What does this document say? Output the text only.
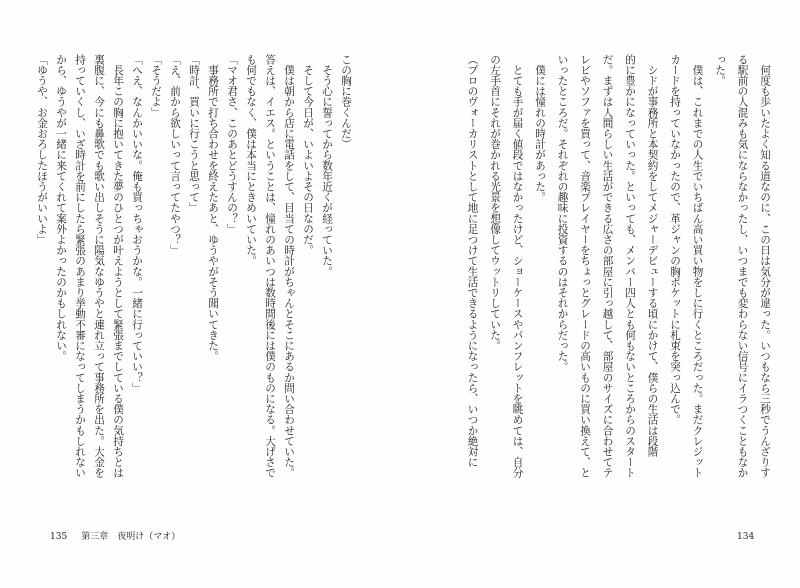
この胸に巻くんだ）
　そう心に誓ってから数年近くが経っていた。
　そして今日が、いよいよその日なのだ。
　僕は朝から店に電話をして、目当ての時計がちゃんとそこにあるか問い合わせていた。
答えは、イエス。ということは、憧れのあいつは数時間後には僕のものになる。大げさで
も何でもなく、僕は本当にときめいていた。
「マオ君さ、このあとどうすんの？」
　事務所で打ち合わせを終えたあと、ゆうやがそう聞いてきた。
「時計、買いに行こうと思って」
「え、前から欲しいって言ってたやつ？」
「そうだよ」
「へえ、なんかいいな。俺も買っちゃおうかな。一緒に行っていい？」
　長年この胸に抱いてきた夢のひとつが叶えようとして緊張までしている僕の気持ちとは
裏腹に、今にも鼻歌でも歌い出しそうに陽気なゆうやと連れ立って事務所を出た。大金を
持っていくし、いざ時計を前にしたら緊張のあまり挙動不審になってしまうかもしれない
から、ゆうやが一緒に来てくれて案外よかったのかもしれない。
「ゆうや、お金おろしたほうがいいよ」
135 第三章　夜明け（マオ）
　何度も歩いたよく知る道なのに、この日は気分が違った。いつもなら三秒でうんざりす
る駅前の人混みも気にならなかったし、いつまでも変わらない信号にイラつくこともなか
った。
　僕は、これまでの人生でいちばん高い買い物をしに行くところだった。まだクレジット
カードを持っていなかったので、革ジャンの胸ポケットに札束を突っ込んで。
　シドが事務所と本契約をしてメジャーデビューする頃にかけて、僕らの生活は段階
的に豊かになっていった。といっても、メンバー四人とも何もないところからのスタート
だ。まずは人間らしい生活ができる広さの部屋に引っ越して、部屋のサイズに合わせてテ
レビやソファを買って、音楽プレイヤーをちょっとグレードの高いものに買い換えて、と
いったところだ。それぞれの趣味に投資するのはそれからだった。
　僕には憧れの時計があった。
　とても手が届く値段ではなかったけど、ショーケースやパンフレットを眺めては、自分
の左手首にそれが巻かれる光景を想像してウットリしていた。
（プロのヴォーカリストとして地に足つけて生活できるようになったら、いつか絶対に
134
